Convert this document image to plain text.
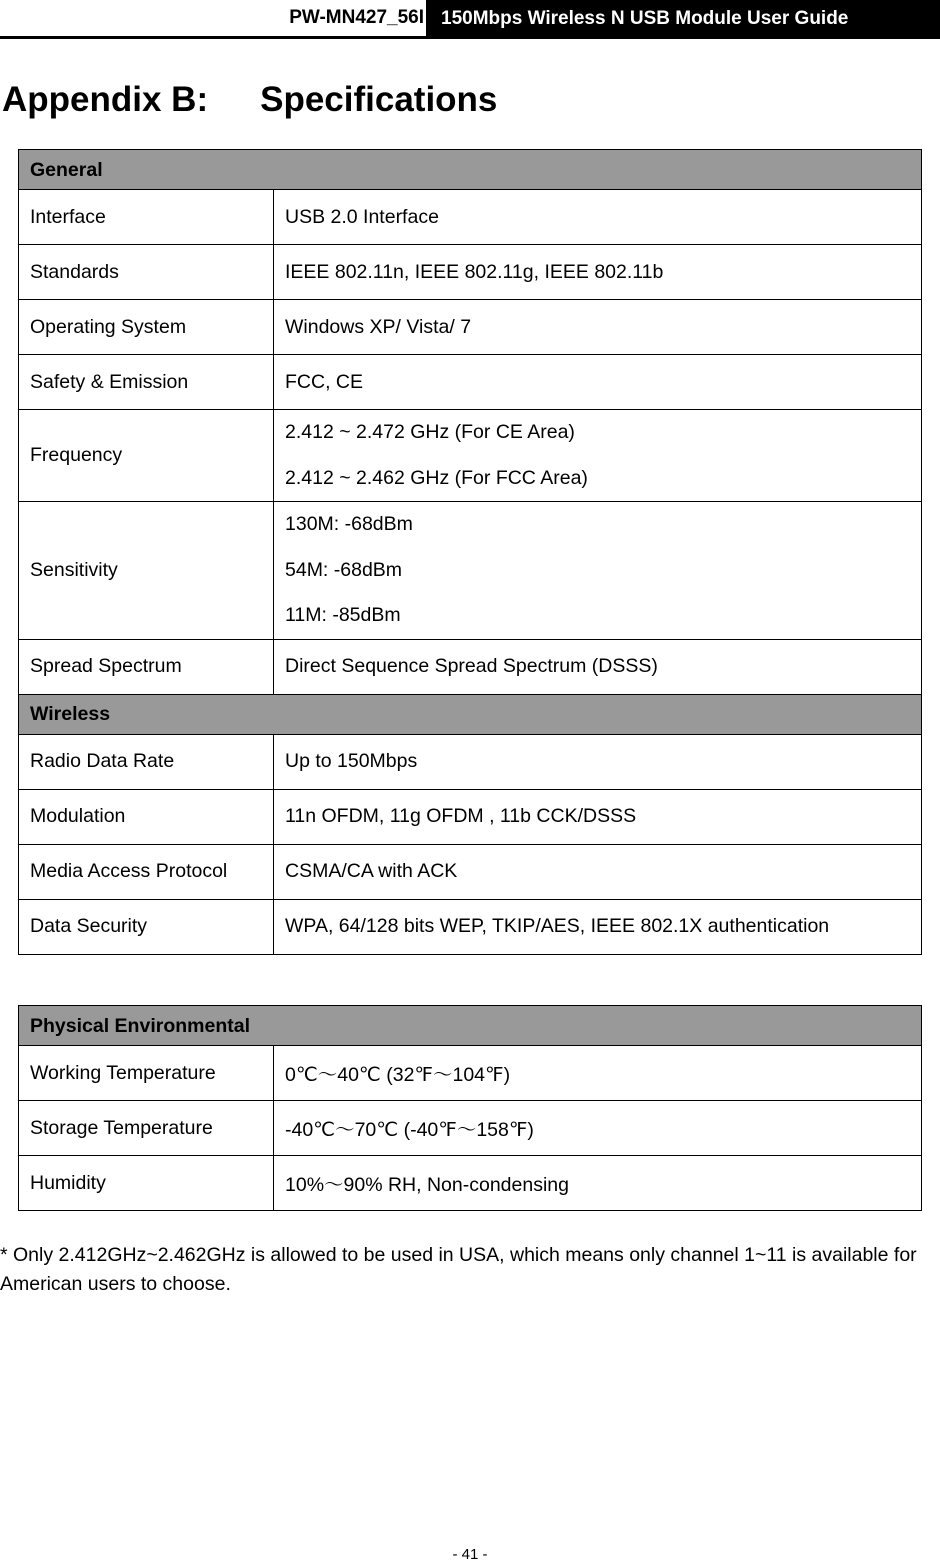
PW-MN427_56I 150Mbps Wireless N USB Module User Guide
Appendix B: Specifications
General	
Interface	USB 2.0 Interface
Standards	IEEE 802.11n, IEEE 802.11g, IEEE 802.11b
Operating System	Windows XP/ Vista/ 7
Safety & Emission	FCC, CE
Frequency	2.412 ~ 2.472 GHz (For CE Area)
2.412 ~ 2.462 GHz (For FCC Area)

Sensitivity	130M: -68dBm
54M: -68dBm
11M: -85dBm

Spread Spectrum	Direct Sequence Spread Spectrum (DSSS)
Wireless	
Radio Data Rate	Up to 150Mbps
Modulation	11n OFDM, 11g OFDM , 11b CCK/DSSS
Media Access Protocol	CSMA/CA with ACK
Data Security	WPA, 64/128 bits WEP, TKIP/AES, IEEE 802.1X authentication
Physical Environmental	
Working Temperature	0℃～40℃ (32℉～104℉)
Storage Temperature	-40℃～70℃ (-40℉～158℉)
Humidity	10%～90% RH, Non-condensing

* Only 2.412GHz~2.462GHz is allowed to be used in USA, which means only channel 1~11 is available for American users to choose.

- 41 -
